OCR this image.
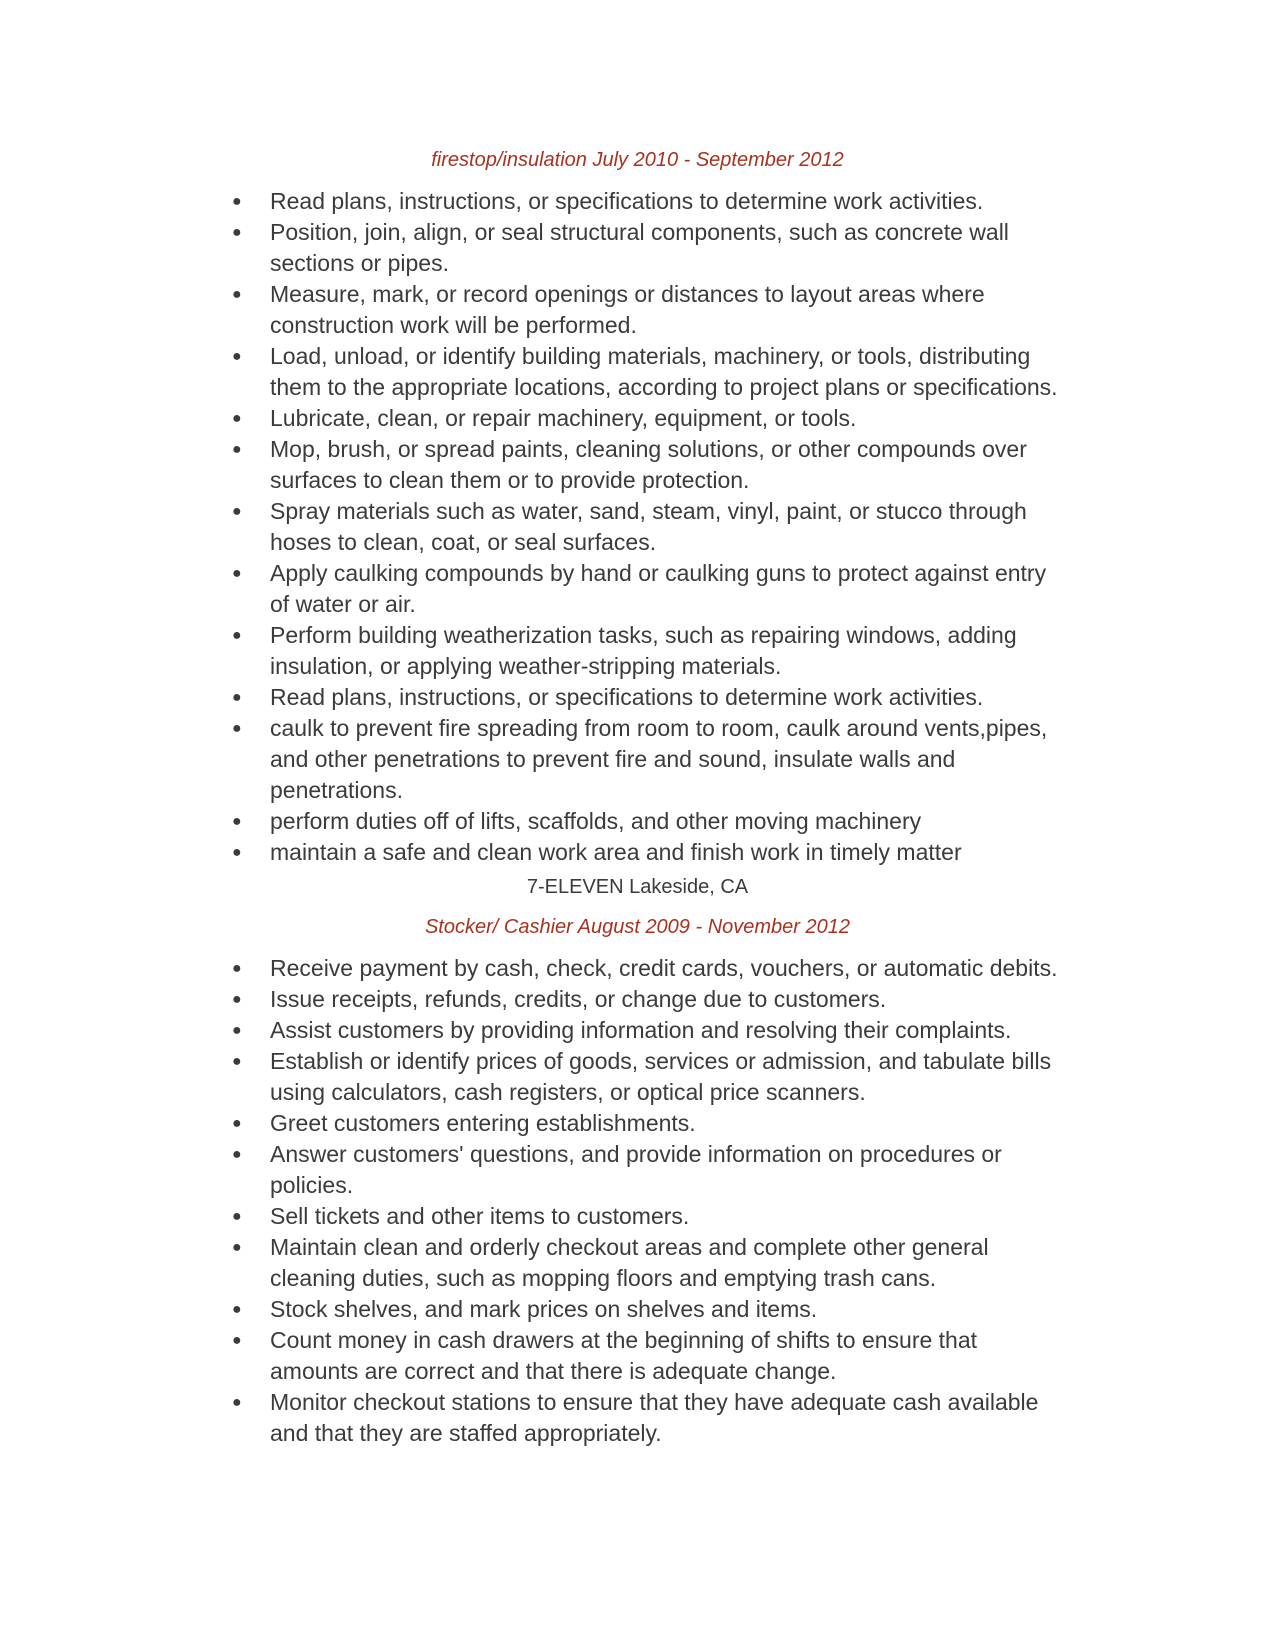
firestop/insulation July 2010 - September 2012
● Read plans, instructions, or specifications to determine work activities.
● Position, join, align, or seal structural components, such as concrete wall sections or pipes.
● Measure, mark, or record openings or distances to layout areas where construction work will be performed.
● Load, unload, or identify building materials, machinery, or tools, distributing them to the appropriate locations, according to project plans or specifications.
● Lubricate, clean, or repair machinery, equipment, or tools.
● Mop, brush, or spread paints, cleaning solutions, or other compounds over surfaces to clean them or to provide protection.
● Spray materials such as water, sand, steam, vinyl, paint, or stucco through hoses to clean, coat, or seal surfaces.
● Apply caulking compounds by hand or caulking guns to protect against entry of water or air.
● Perform building weatherization tasks, such as repairing windows, adding insulation, or applying weather-stripping materials.
● Read plans, instructions, or specifications to determine work activities.
● caulk to prevent fire spreading from room to room, caulk around vents,pipes, and other penetrations to prevent fire and sound, insulate walls and penetrations.
● perform duties off of lifts, scaffolds, and other moving machinery
● maintain a safe and clean work area and finish work in timely matter
7-ELEVEN Lakeside, CA
Stocker/ Cashier August 2009 - November 2012
● Receive payment by cash, check, credit cards, vouchers, or automatic debits.
● Issue receipts, refunds, credits, or change due to customers.
● Assist customers by providing information and resolving their complaints.
● Establish or identify prices of goods, services or admission, and tabulate bills using calculators, cash registers, or optical price scanners.
● Greet customers entering establishments.
● Answer customers' questions, and provide information on procedures or policies.
● Sell tickets and other items to customers.
● Maintain clean and orderly checkout areas and complete other general cleaning duties, such as mopping floors and emptying trash cans.
● Stock shelves, and mark prices on shelves and items.
● Count money in cash drawers at the beginning of shifts to ensure that amounts are correct and that there is adequate change.
● Monitor checkout stations to ensure that they have adequate cash available and that they are staffed appropriately.
